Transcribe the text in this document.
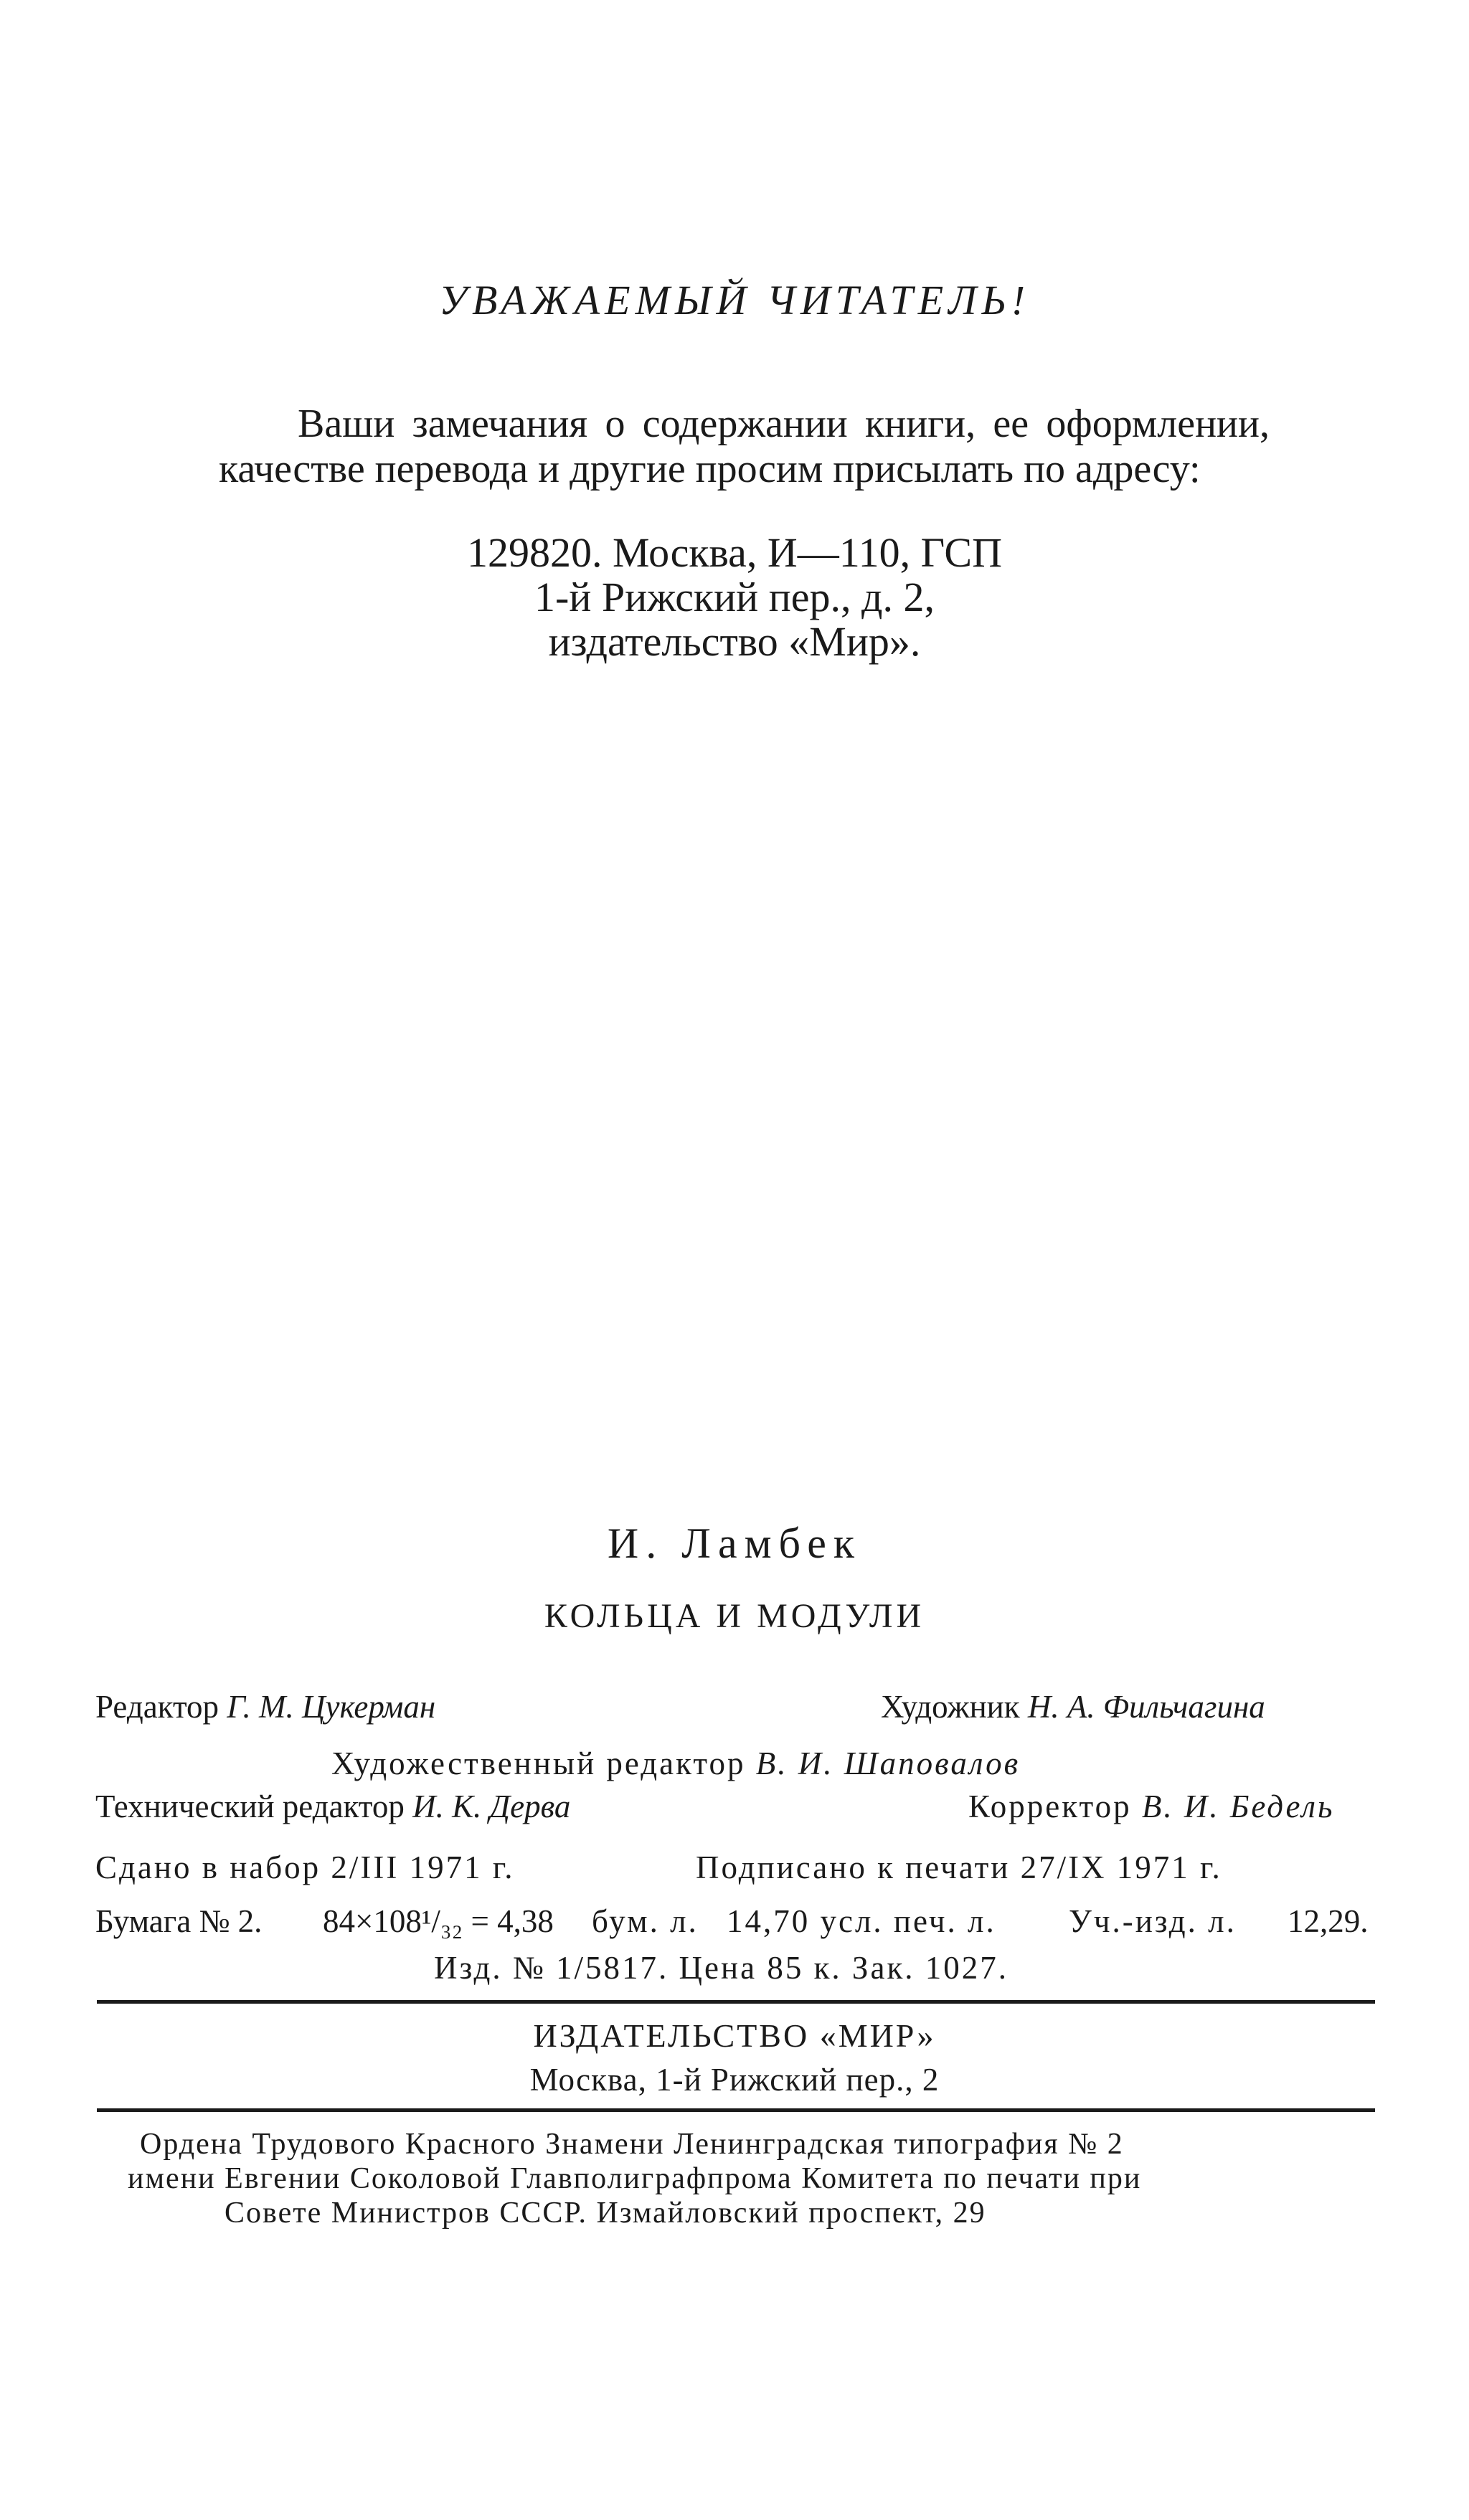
УВАЖАЕМЫЙ ЧИТАТЕЛЬ!

Ваши замечания о содержании книги, ее оформлении, качестве перевода и другие просим присылать по адресу:

129820. Москва, И—110, ГСП
1-й Рижский пер., д. 2,
издательство «Мир».
И. Ламбек
КОЛЬЦА И МОДУЛИ
Редактор Г. М. Цукерман	Художник Н. А. Фильчагина
Художественный редактор В. И. Шаповалов
Технический редактор И. К. Дерва	Корректор В. И. Бедель
Сдано в набор 2/III 1971 г.	Подписано к печати 27/IX 1971 г.
Бумага № 2. 84×108¹/₃₂ = 4,38 бум. л. 14,70 усл. печ. л. Уч.-изд. л. 12,29.
Изд. № 1/5817. Цена 85 к. Зак. 1027.
ИЗДАТЕЛЬСТВО «МИР»
Москва, 1-й Рижский пер., 2
Ордена Трудового Красного Знамени Ленинградская типография № 2
имени Евгении Соколовой Главполиграфпрома Комитета по печати при
Совете Министров СССР. Измайловский проспект, 29
